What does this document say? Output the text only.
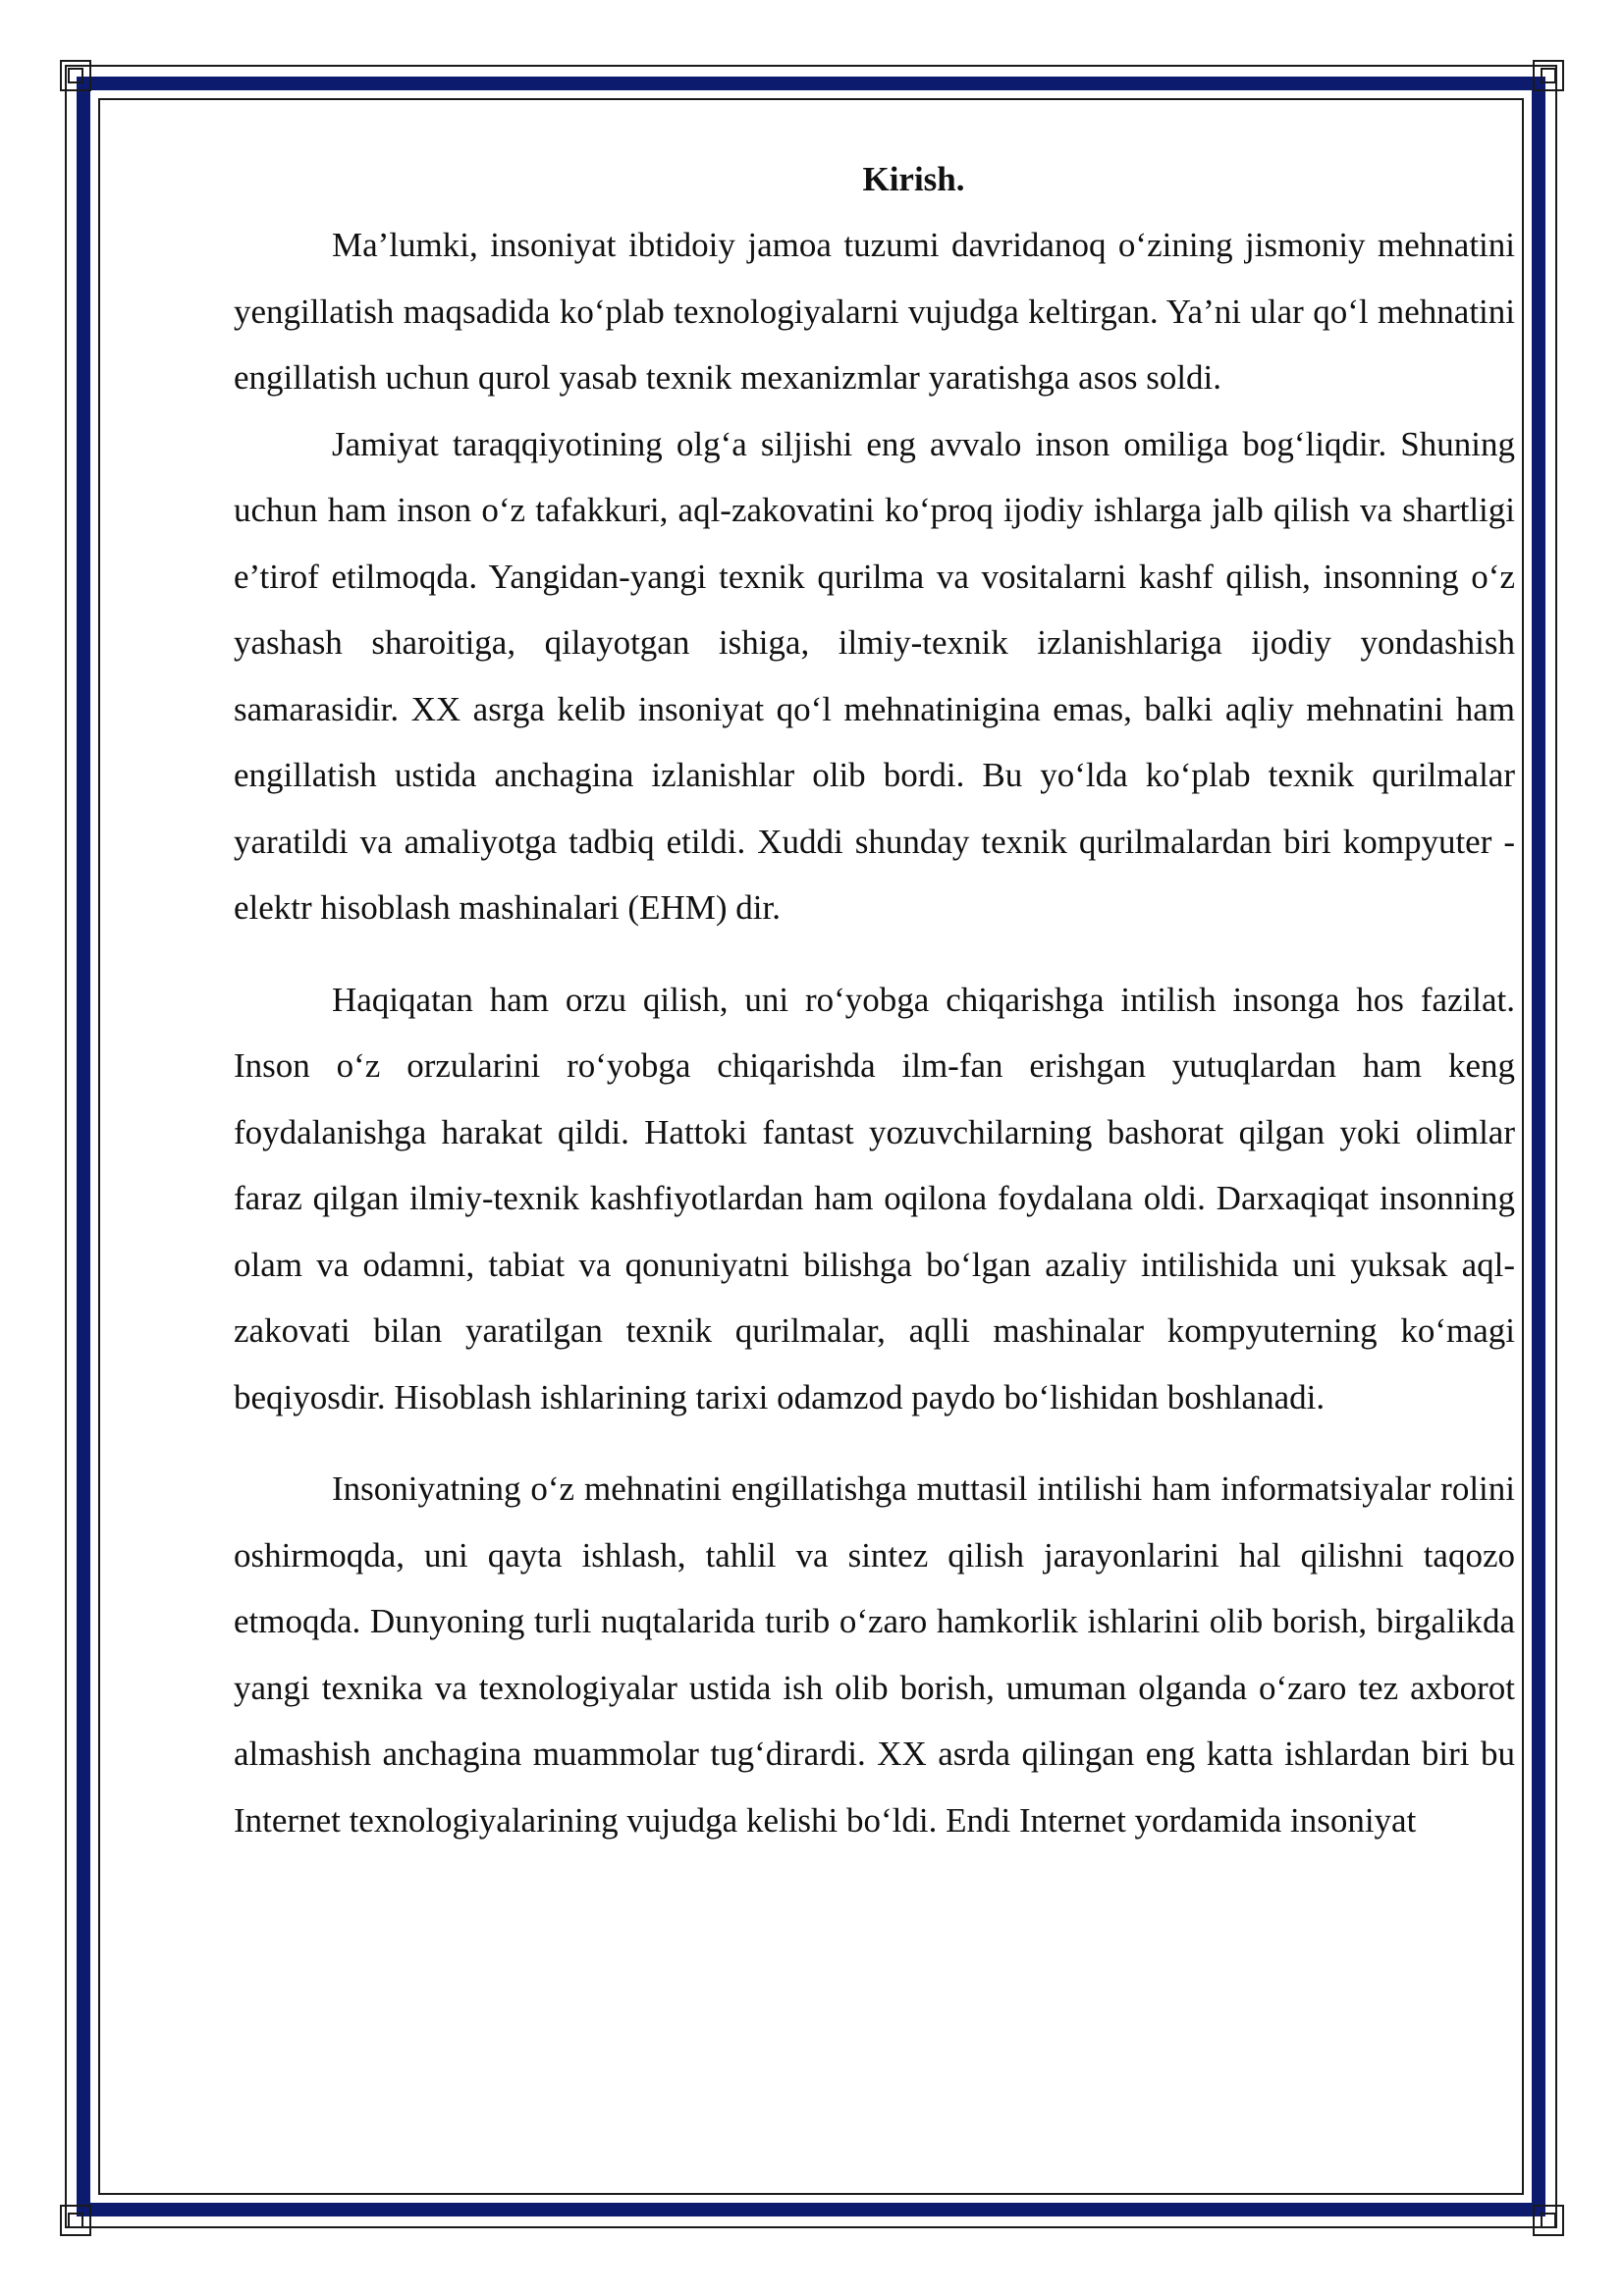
Kirish.

Ma’lumki, insoniyat ibtidoiy jamoa tuzumi davridanoq o‘zining jismoniy mehnatini yengillatish maqsadida ko‘plab texnologiyalarni vujudga keltirgan. Ya’ni ular qo‘l mehnatini engillatish uchun qurol yasab texnik mexanizmlar yaratishga asos soldi.

Jamiyat taraqqiyotining olg‘a siljishi eng avvalo inson omiliga bog‘liqdir. Shuning uchun ham inson o‘z tafakkuri, aql-zakovatini ko‘proq ijodiy ishlarga jalb qilish va shartligi e’tirof etilmoqda. Yangidan-yangi texnik qurilma va vositalarni kashf qilish, insonning o‘z yashash sharoitiga, qilayotgan ishiga, ilmiy-texnik izlanishlariga ijodiy yondashish samarasidir. XX asrga kelib insoniyat qo‘l mehnatinigina emas, balki aqliy mehnatini ham engillatish ustida anchagina izlanishlar olib bordi. Bu yo‘lda ko‘plab texnik qurilmalar yaratildi va amaliyotga tadbiq etildi. Xuddi shunday texnik qurilmalardan biri kompyuter - elektr hisoblash mashinalari (EHM) dir.

Haqiqatan ham orzu qilish, uni ro‘yobga chiqarishga intilish insonga hos fazilat. Inson o‘z orzularini ro‘yobga chiqarishda ilm-fan erishgan yutuqlardan ham keng foydalanishga harakat qildi. Hattoki fantast yozuvchilarning bashorat qilgan yoki olimlar faraz qilgan ilmiy-texnik kashfiyotlardan ham oqilona foydalana oldi. Darxaqiqat insonning olam va odamni, tabiat va qonuniyatni bilishga bo‘lgan azaliy intilishida uni yuksak aql-zakovati bilan yaratilgan texnik qurilmalar, aqlli mashinalar kompyuterning ko‘magi beqiyosdir. Hisoblash ishlarining tarixi odamzod paydo bo‘lishidan boshlanadi.

Insoniyatning o‘z mehnatini engillatishga muttasil intilishi ham informatsiyalar rolini oshirmoqda, uni qayta ishlash, tahlil va sintez qilish jarayonlarini hal qilishni taqozo etmoqda. Dunyoning turli nuqtalarida turib o‘zaro hamkorlik ishlarini olib borish, birgalikda yangi texnika va texnologiyalar ustida ish olib borish, umuman olganda o‘zaro tez axborot almashish anchagina muammolar tug‘dirardi. XX asrda qilingan eng katta ishlardan biri bu Internet texnologiyalarining vujudga kelishi bo‘ldi. Endi Internet yordamida insoniyat
